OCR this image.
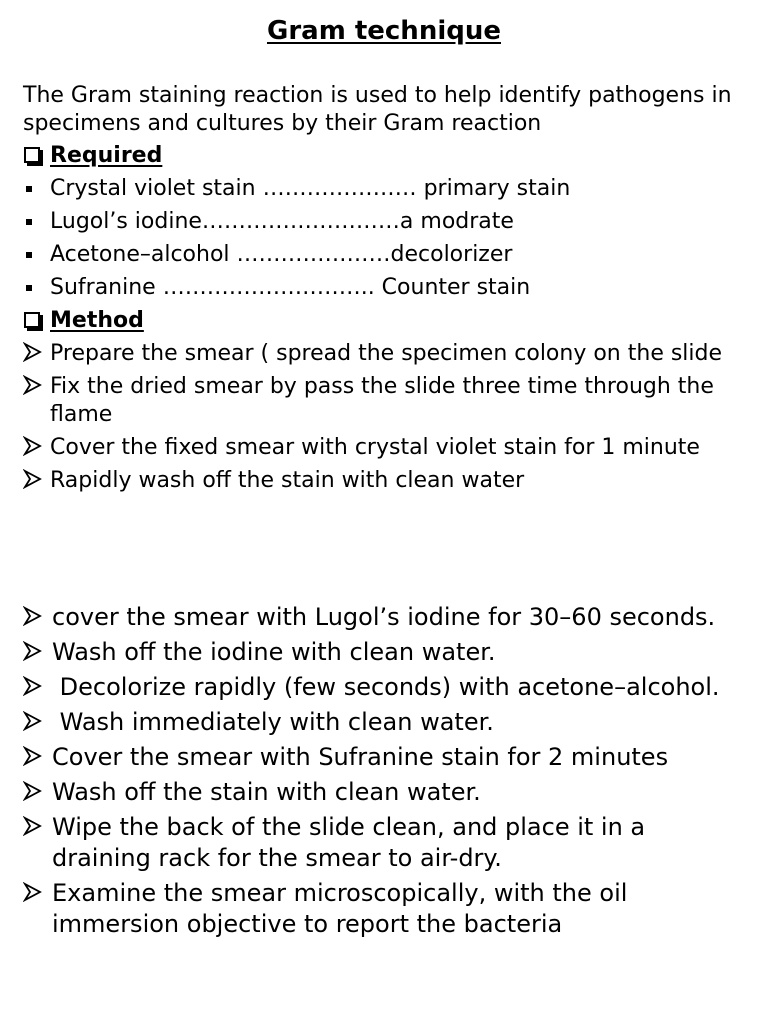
Gram technique
The Gram staining reaction is used to help identify pathogens in specimens and cultures by their Gram reaction
Required
Crystal violet stain ………………… primary stain
Lugol’s iodine………………………a modrate
Acetone–alcohol …………………decolorizer
Sufranine ……………………….. Counter stain
Method
Prepare the smear ( spread the specimen colony on the slide
Fix the dried smear by pass the slide three time through the flame
Cover the fixed smear with crystal violet stain for 1 minute
Rapidly wash off the stain with clean water
cover the smear with Lugol’s iodine for 30–60 seconds.
Wash off the iodine with clean water.
Decolorize rapidly (few seconds) with acetone–alcohol.
Wash immediately with clean water.
Cover the smear with Sufranine stain for 2 minutes
Wash off the stain with clean water.
Wipe the back of the slide clean, and place it in a draining rack for the smear to air-dry.
Examine the smear microscopically, with the oil immersion objective to report the bacteria
